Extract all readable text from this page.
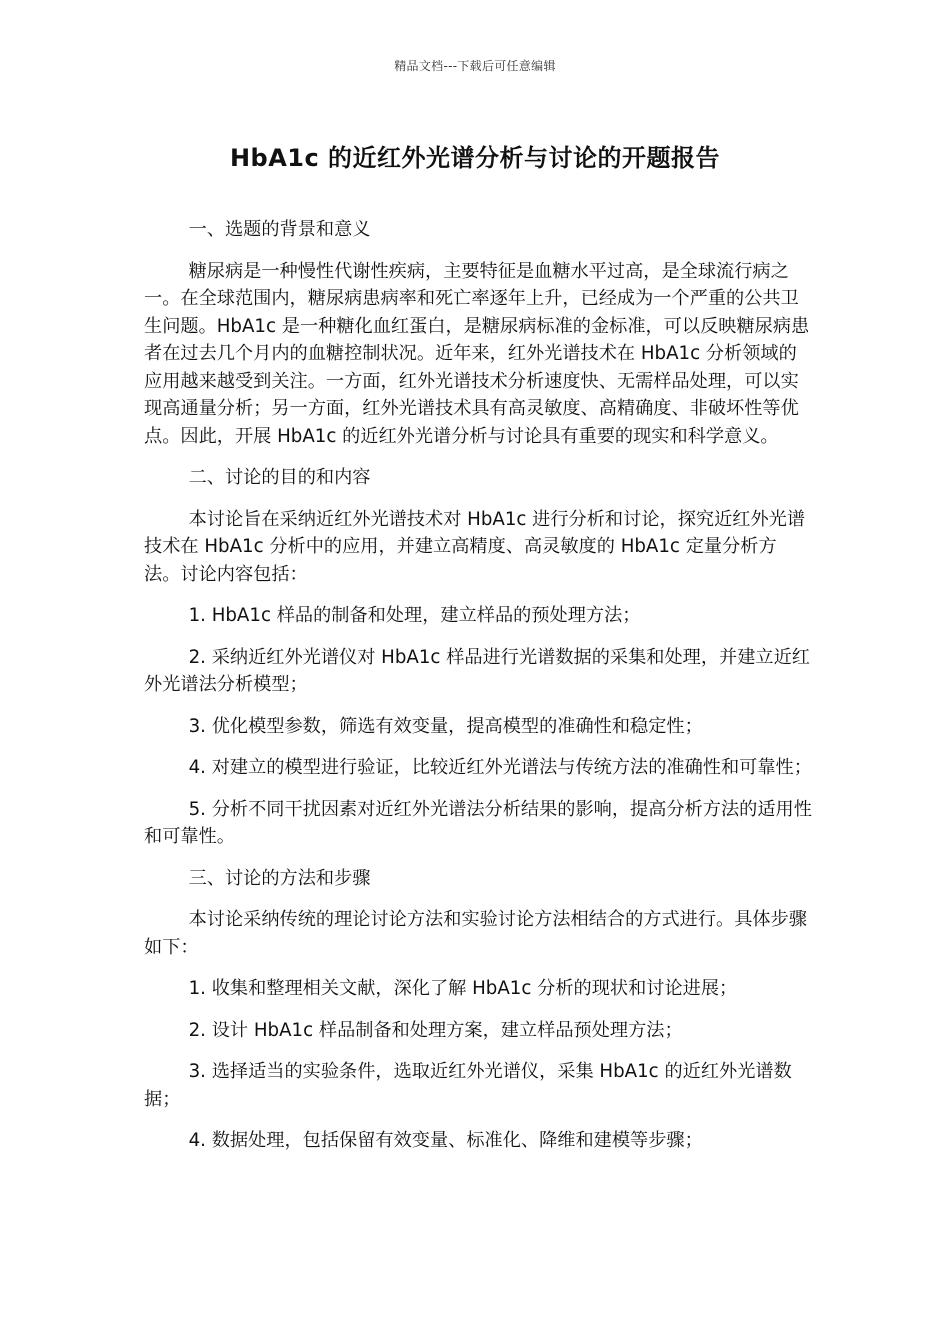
精品文档---下载后可任意编辑
HbA1c 的近红外光谱分析与讨论的开题报告

一、选题的背景和意义

糖尿病是一种慢性代谢性疾病，主要特征是血糖水平过高，是全球流行病之一。在全球范围内，糖尿病患病率和死亡率逐年上升，已经成为一个严重的公共卫生问题。HbA1c 是一种糖化血红蛋白，是糖尿病标准的金标准，可以反映糖尿病患者在过去几个月内的血糖控制状况。近年来，红外光谱技术在 HbA1c 分析领域的应用越来越受到关注。一方面，红外光谱技术分析速度快、无需样品处理，可以实现高通量分析；另一方面，红外光谱技术具有高灵敏度、高精确度、非破坏性等优点。因此，开展 HbA1c 的近红外光谱分析与讨论具有重要的现实和科学意义。

二、讨论的目的和内容

本讨论旨在采纳近红外光谱技术对 HbA1c 进行分析和讨论，探究近红外光谱技术在 HbA1c 分析中的应用，并建立高精度、高灵敏度的 HbA1c 定量分析方法。讨论内容包括：

1. HbA1c 样品的制备和处理，建立样品的预处理方法；

2. 采纳近红外光谱仪对 HbA1c 样品进行光谱数据的采集和处理，并建立近红外光谱法分析模型；

3. 优化模型参数，筛选有效变量，提高模型的准确性和稳定性；

4. 对建立的模型进行验证，比较近红外光谱法与传统方法的准确性和可靠性；

5. 分析不同干扰因素对近红外光谱法分析结果的影响，提高分析方法的适用性和可靠性。

三、讨论的方法和步骤

本讨论采纳传统的理论讨论方法和实验讨论方法相结合的方式进行。具体步骤如下：

1. 收集和整理相关文献，深化了解 HbA1c 分析的现状和讨论进展；

2. 设计 HbA1c 样品制备和处理方案，建立样品预处理方法；

3. 选择适当的实验条件，选取近红外光谱仪，采集 HbA1c 的近红外光谱数据；

4. 数据处理，包括保留有效变量、标准化、降维和建模等步骤；
